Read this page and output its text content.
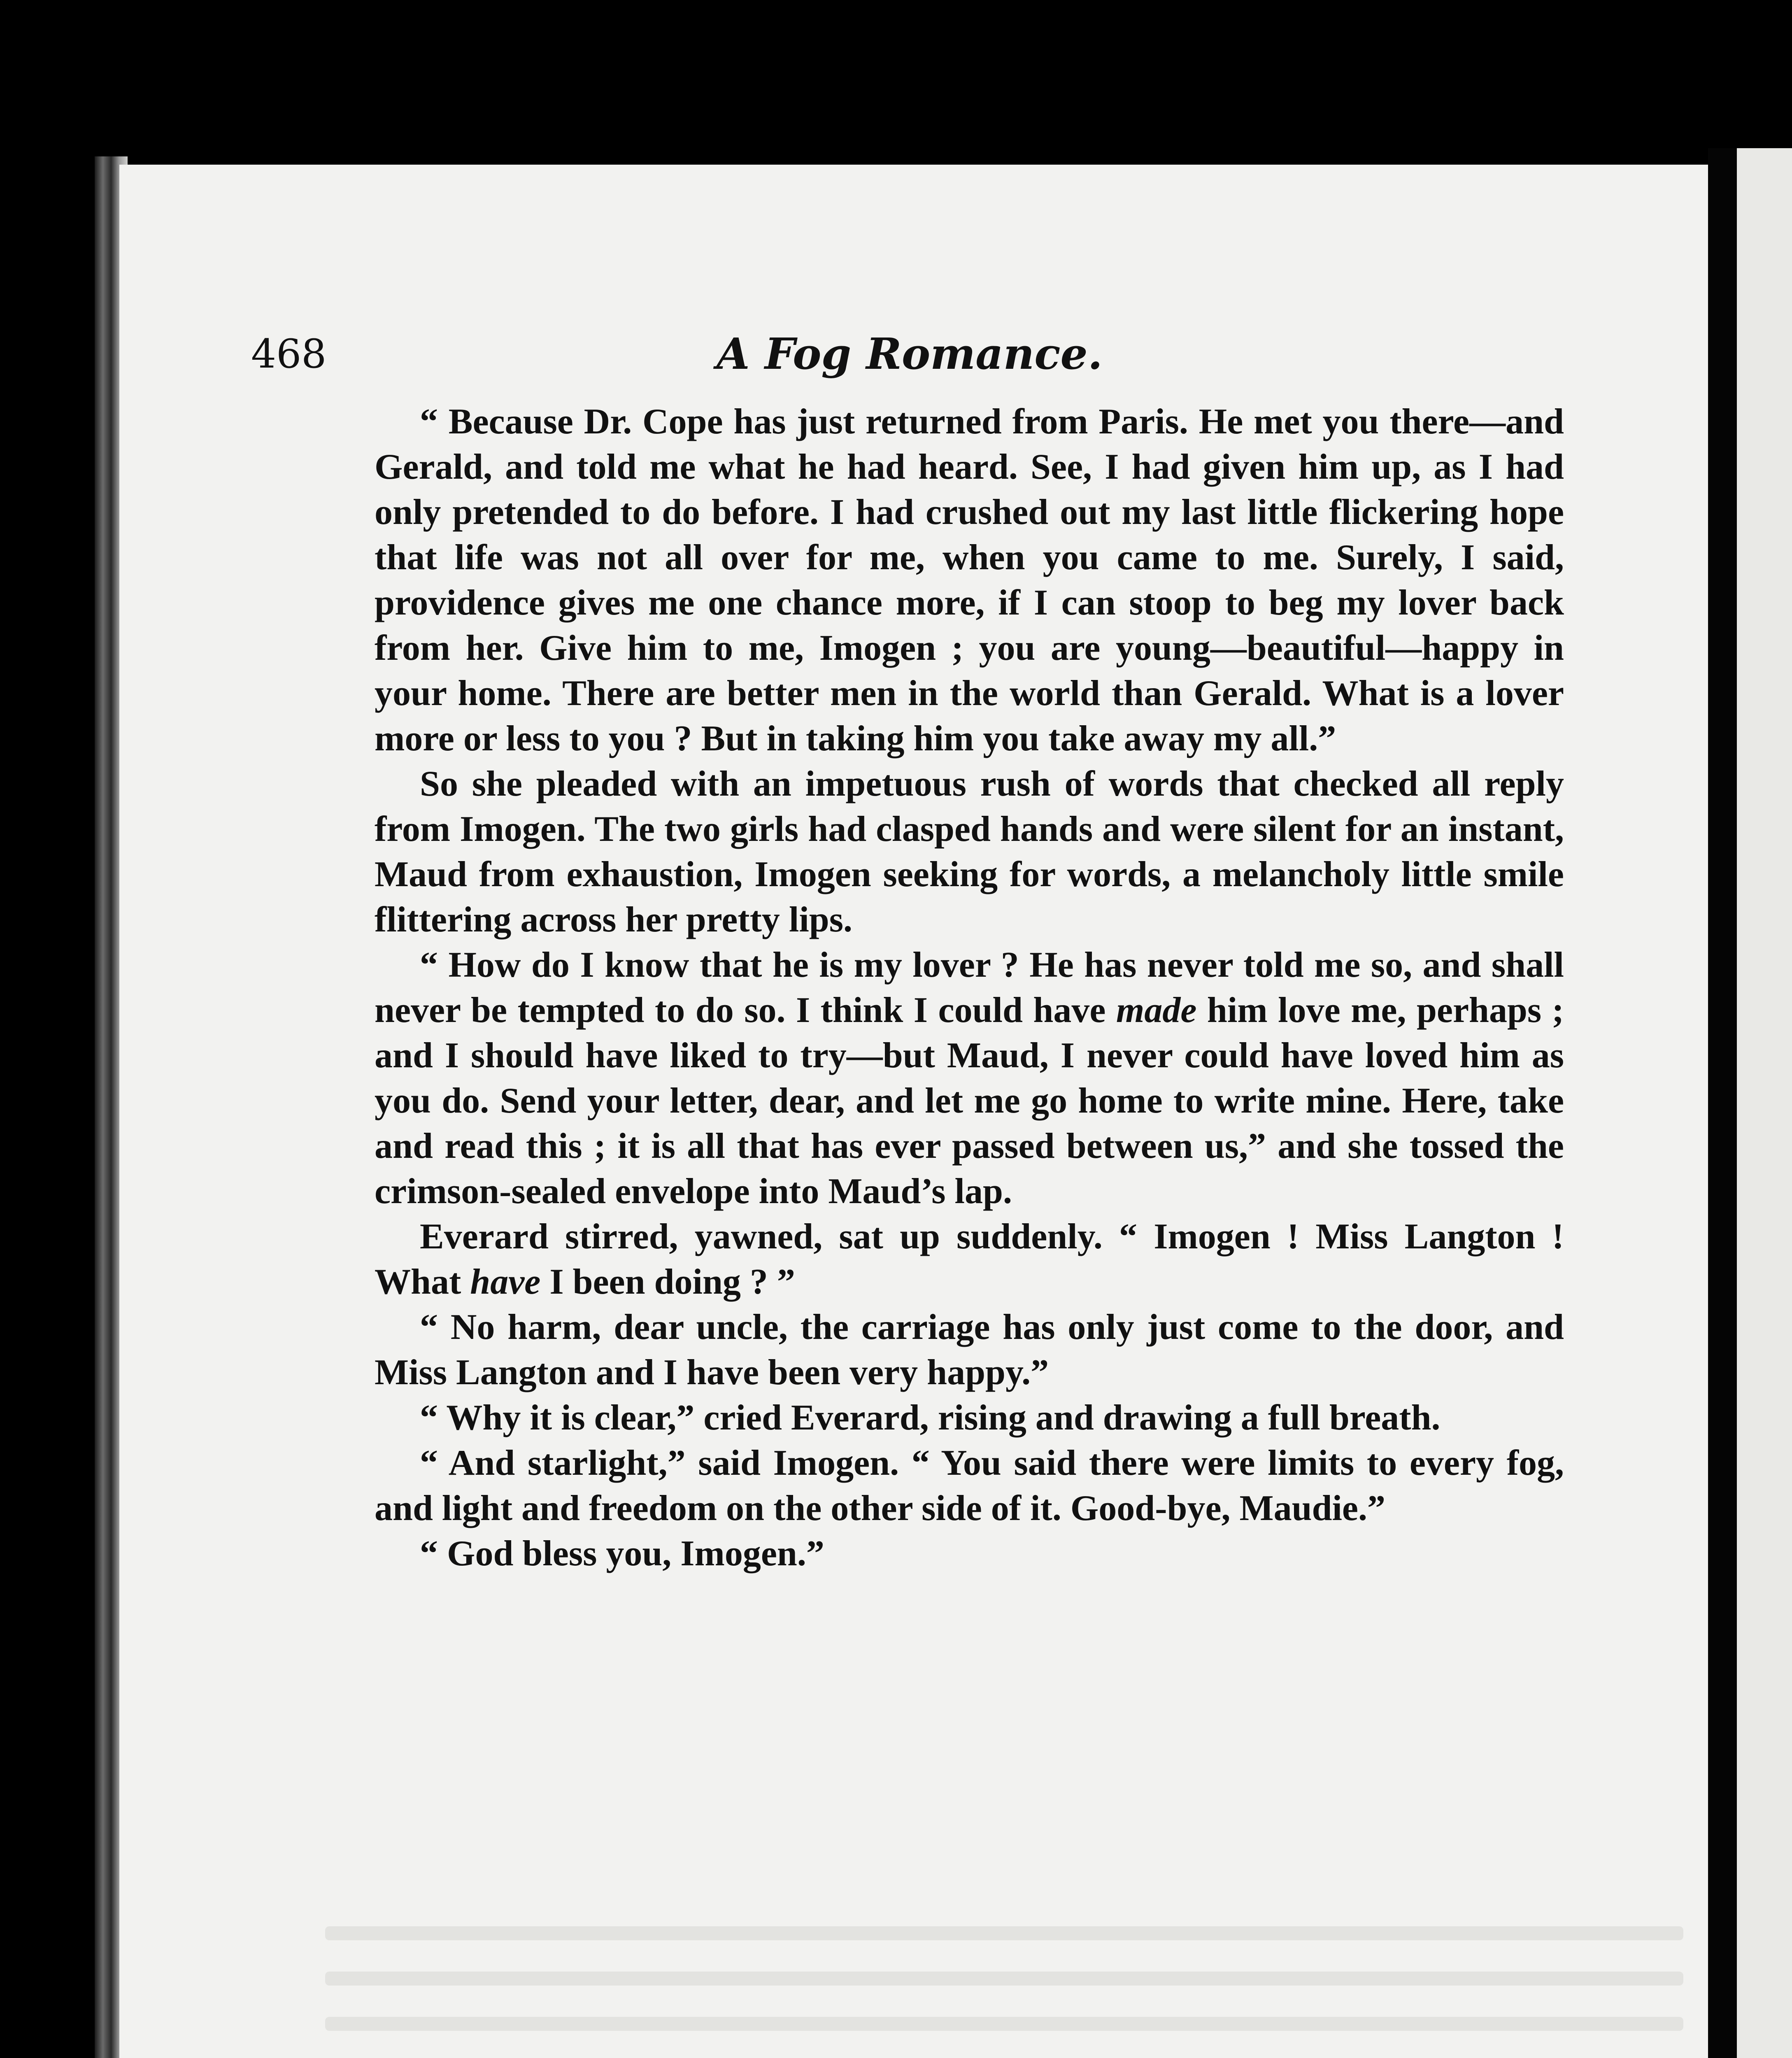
468	A Fog Romance.

“ Because Dr. Cope has just returned from Paris. He met you there—and Gerald, and told me what he had heard. See, I had given him up, as I had only pretended to do before. I had crushed out my last little flickering hope that life was not all over for me, when you came to me. Surely, I said, providence gives me one chance more, if I can stoop to beg my lover back from her. Give him to me, Imogen ; you are young—beautiful—happy in your home. There are better men in the world than Gerald. What is a lover more or less to you ? But in taking him you take away my all.”

So she pleaded with an impetuous rush of words that checked all reply from Imogen. The two girls had clasped hands and were silent for an instant, Maud from exhaustion, Imogen seeking for words, a melancholy little smile flittering across her pretty lips.

“ How do I know that he is my lover ? He has never told me so, and shall never be tempted to do so. I think I could have made him love me, perhaps ; and I should have liked to try—but Maud, I never could have loved him as you do. Send your letter, dear, and let me go home to write mine. Here, take and read this ; it is all that has ever passed between us,” and she tossed the crimson-sealed envelope into Maud’s lap.

Everard stirred, yawned, sat up suddenly. “ Imogen ! Miss Langton ! What have I been doing ? ”

“ No harm, dear uncle, the carriage has only just come to the door, and Miss Langton and I have been very happy.”

“ Why it is clear,” cried Everard, rising and drawing a full breath.

“ And starlight,” said Imogen. “ You said there were limits to every fog, and light and freedom on the other side of it. Good-bye, Maudie.”

“ God bless you, Imogen.”
